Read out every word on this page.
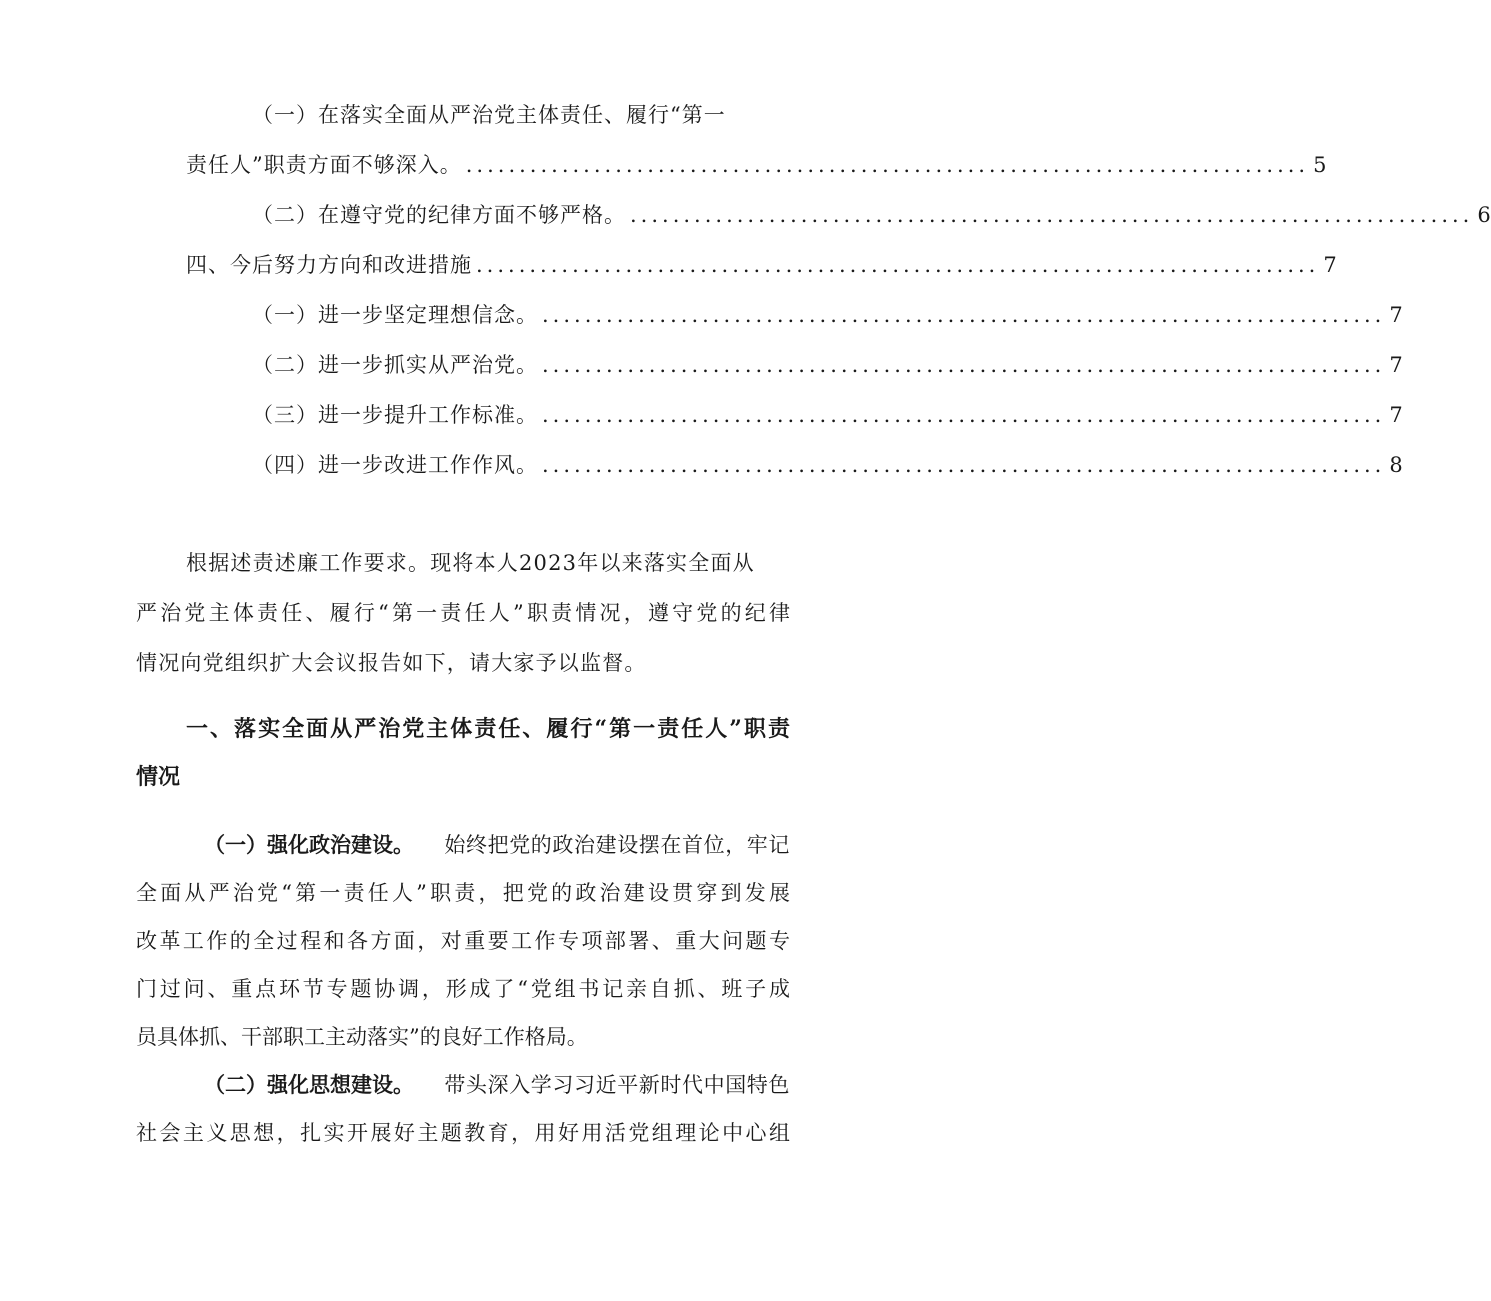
（一）在落实全面从严治党主体责任、履行“第一
责任人”职责方面不够深入。 ............................................................................... 5
（二）在遵守党的纪律方面不够严格。 ............................................................................... 6
四、今后努力方向和改进措施 ............................................................................... 7
（一）进一步坚定理想信念。 ............................................................................... 7
（二）进一步抓实从严治党。 ............................................................................... 7
（三）进一步提升工作标准。 ............................................................................... 7
（四）进一步改进工作作风。 ............................................................................... 8
根据述责述廉工作要求。现将本人2023年以来落实全面从
严治党主体责任、履行“第一责任人”职责情况，遵守党的纪律
情况向党组织扩大会议报告如下，请大家予以监督。
一、落实全面从严治党主体责任、履行“第一责任人”职责
情况
（一）强化政治建设。 始终把党的政治建设摆在首位，牢记
全面从严治党“第一责任人”职责，把党的政治建设贯穿到发展
改革工作的全过程和各方面，对重要工作专项部署、重大问题专
门过问、重点环节专题协调，形成了“党组书记亲自抓、班子成
员具体抓、干部职工主动落实”的良好工作格局。
（二）强化思想建设。 带头深入学习习近平新时代中国特色
社会主义思想，扎实开展好主题教育，用好用活党组理论中心组
